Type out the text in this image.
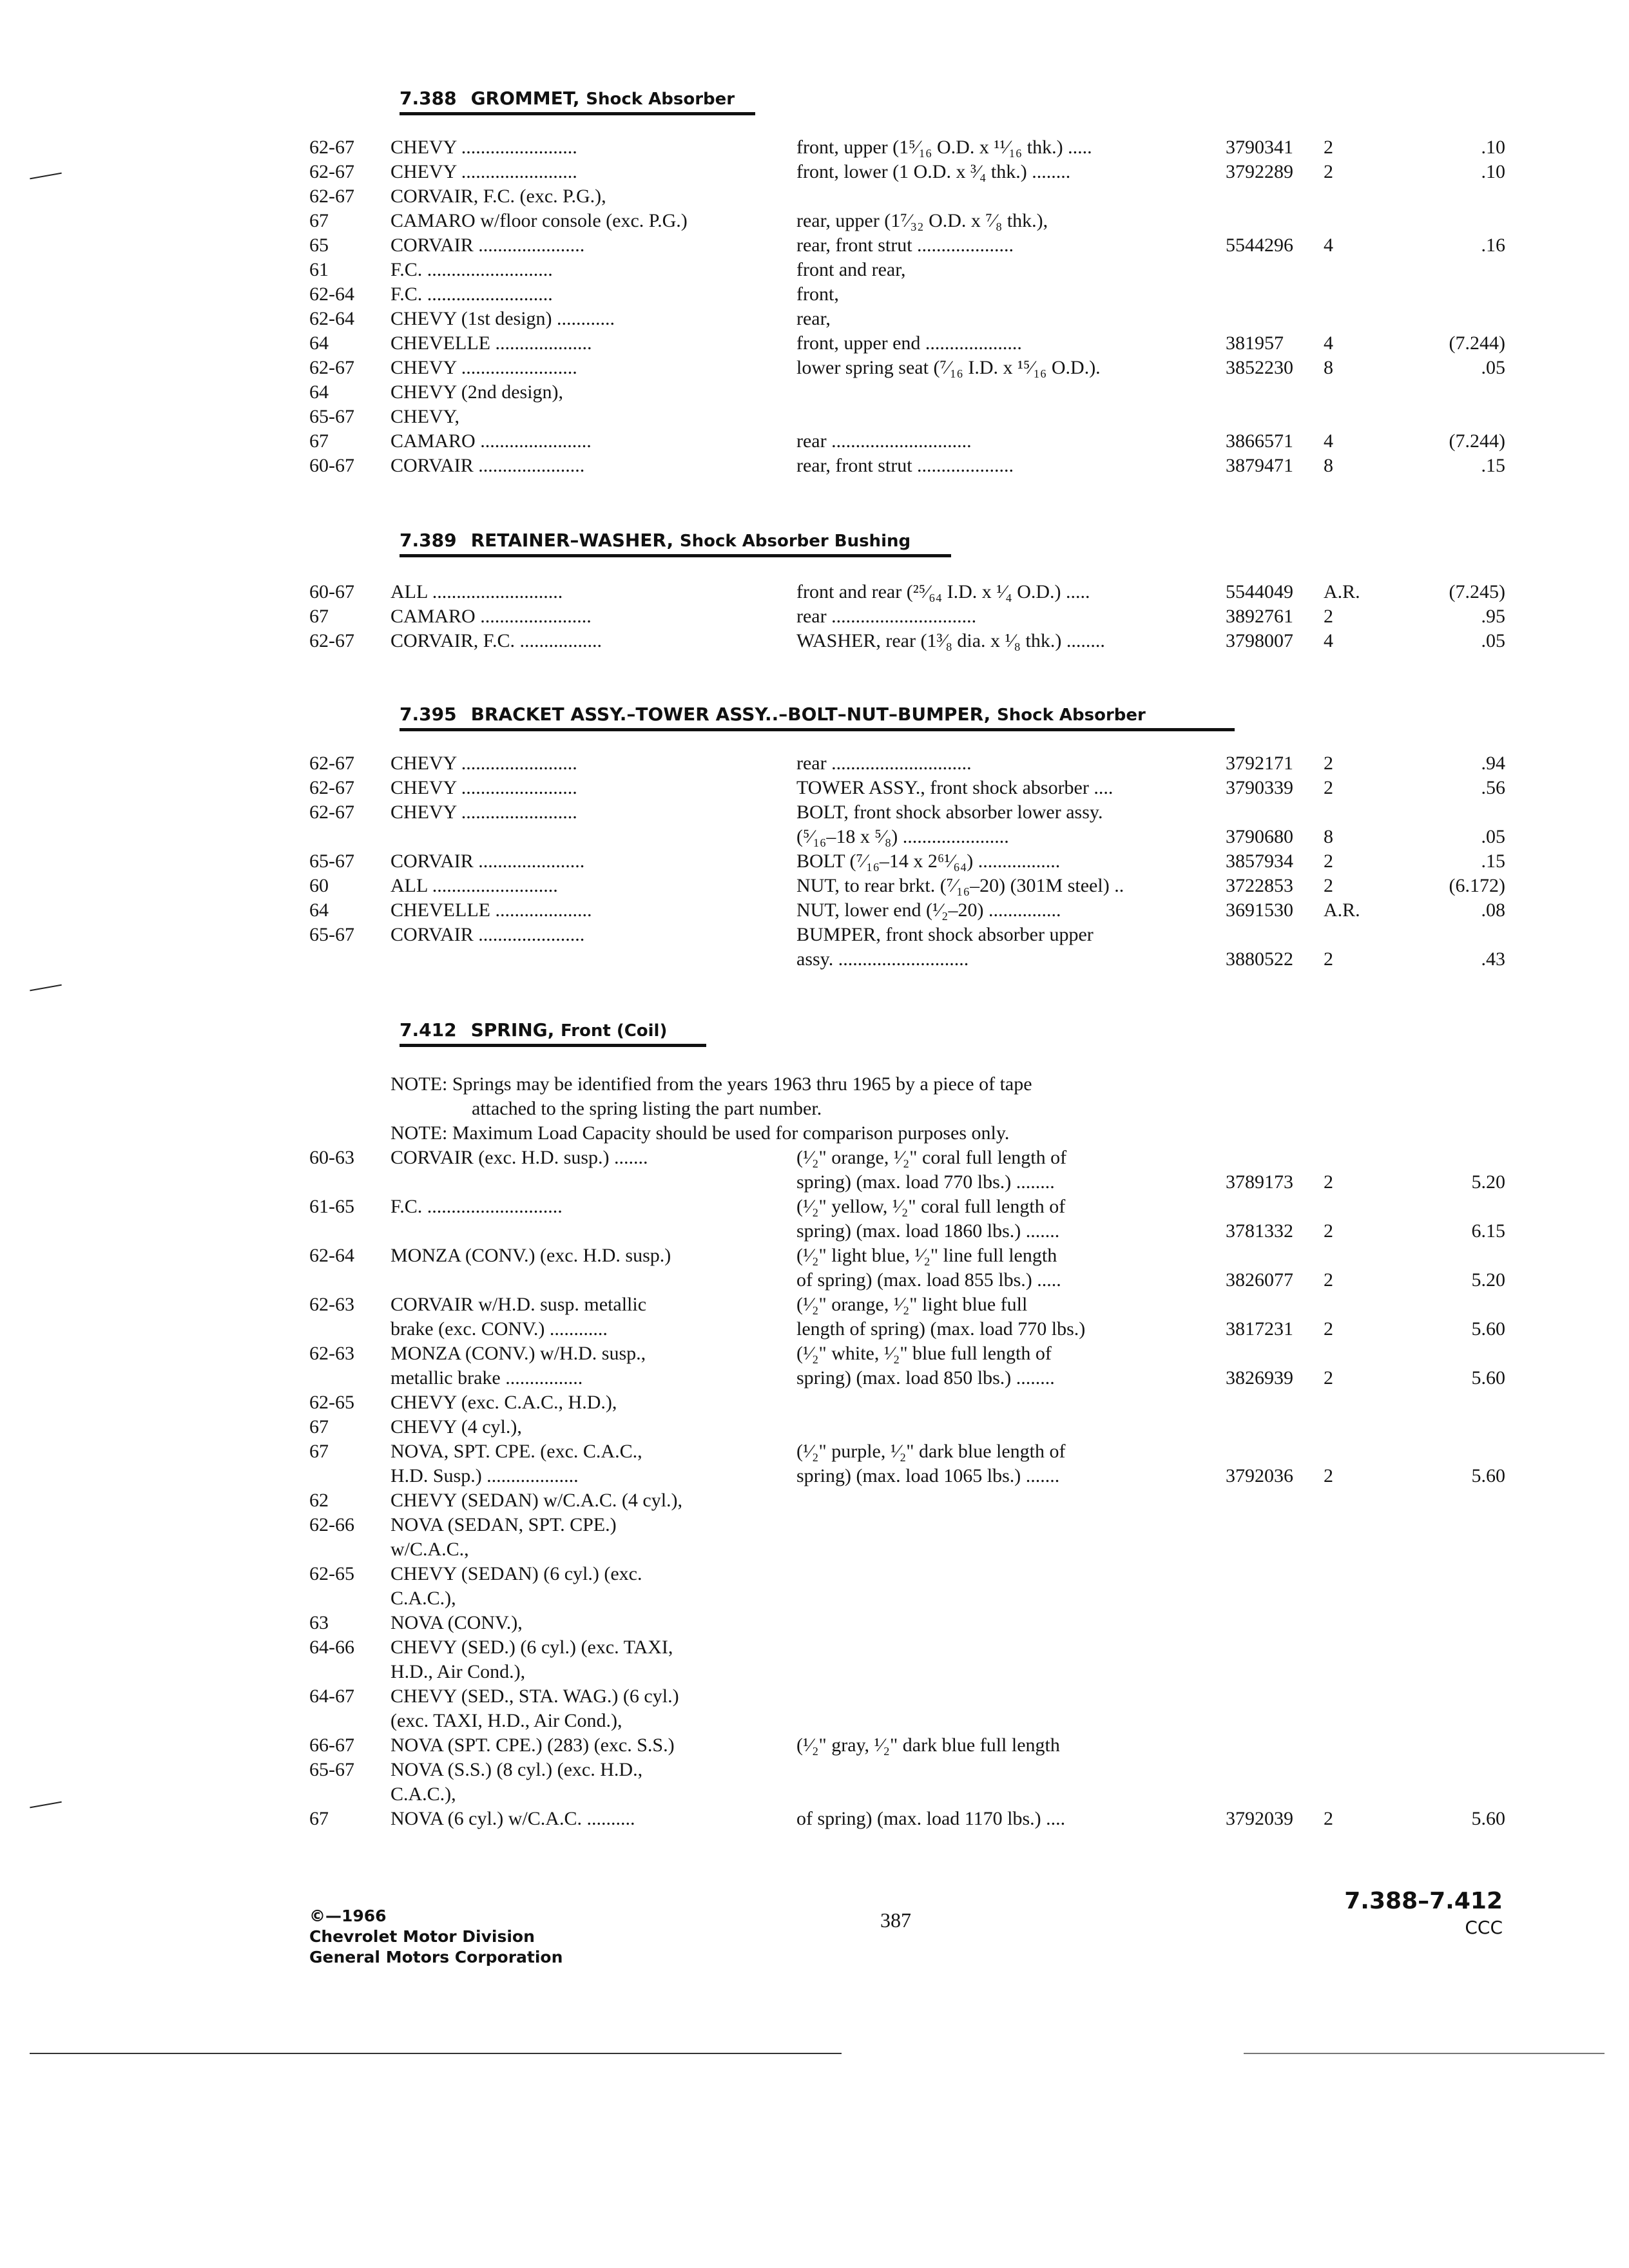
7.388 GROMMET, Shock Absorber
62-67 CHEVY ........................	front, upper (1⁵⁄₁₆ O.D. x ¹¹⁄₁₆ thk.) .....	3790341 2	.10
62-67 CHEVY ........................	front, lower (1 O.D. x ³⁄₄ thk.) ........	3792289 2	.10
62-67 CORVAIR, F.C. (exc. P.G.),
67	CAMARO w/floor console (exc. P.G.)	rear, upper (1⁷⁄₃₂ O.D. x ⁷⁄₈ thk.),
65	CORVAIR ......................	rear, front strut ....................	5544296 4	.16
61	F.C. ..........................	front and rear,
62-64 F.C. ..........................	front,
62-64 CHEVY (1st design) ............	rear,
64	CHEVELLE ....................	front, upper end ....................	381957 4	(7.244)
62-67 CHEVY ........................	lower spring seat (⁷⁄₁₆ I.D. x ¹⁵⁄₁₆ O.D.).	3852230 8	.05
64	CHEVY (2nd design),
65-67 CHEVY,
67	CAMARO .......................	rear .............................	3866571 4	(7.244)
60-67 CORVAIR ......................	rear, front strut ....................	3879471 8	.15
7.389 RETAINER–WASHER, Shock Absorber Bushing
60-67 ALL ...........................	front and rear (²⁵⁄₆₄ I.D. x ¹⁄₄ O.D.) .....	5544049 A.R.	(7.245)
67	CAMARO .......................	rear ..............................	3892761 2	.95
62-67 CORVAIR, F.C. .................	WASHER, rear (1³⁄₈ dia. x ¹⁄₈ thk.) ........	3798007 4	.05
7.395 BRACKET ASSY.–TOWER ASSY..–BOLT–NUT–BUMPER, Shock Absorber
62-67 CHEVY ........................	rear .............................	3792171 2	.94
62-67 CHEVY ........................	TOWER ASSY., front shock absorber ....	3790339 2	.56
62-67 CHEVY ........................	BOLT, front shock absorber lower assy.
(⁵⁄₁₆–18 x ⁵⁄₈) ......................	3790680 8	.05
65-67 CORVAIR ......................	BOLT (⁷⁄₁₆–14 x 2⁶¹⁄₆₄) .................	3857934 2	.15
60	ALL ..........................	NUT, to rear brkt. (⁷⁄₁₆–20) (301M steel) ..	3722853 2	(6.172)
64	CHEVELLE ....................	NUT, lower end (¹⁄₂–20) ...............	3691530 A.R.	.08
65-67 CORVAIR ......................	BUMPER, front shock absorber upper
assy. ...........................	3880522 2	.43
7.412 SPRING, Front (Coil)
NOTE: Springs may be identified from the years 1963 thru 1965 by a piece of tape
attached to the spring listing the part number.
NOTE: Maximum Load Capacity should be used for comparison purposes only.
60-63 CORVAIR (exc. H.D. susp.) .......	(¹⁄₂" orange, ¹⁄₂" coral full length of
spring) (max. load 770 lbs.) ........	3789173 2	5.20
61-65 F.C. ............................	(¹⁄₂" yellow, ¹⁄₂" coral full length of
spring) (max. load 1860 lbs.) .......	3781332 2	6.15
62-64 MONZA (CONV.) (exc. H.D. susp.)	(¹⁄₂" light blue, ¹⁄₂" line full length
of spring) (max. load 855 lbs.) .....	3826077 2	5.20
62-63 CORVAIR w/H.D. susp. metallic	(¹⁄₂" orange, ¹⁄₂" light blue full
brake (exc. CONV.) ............	length of spring) (max. load 770 lbs.)	3817231 2	5.60
62-63 MONZA (CONV.) w/H.D. susp.,	(¹⁄₂" white, ¹⁄₂" blue full length of
metallic brake ................	spring) (max. load 850 lbs.) ........	3826939 2	5.60
62-65 CHEVY (exc. C.A.C., H.D.),
67	CHEVY (4 cyl.),
67	NOVA, SPT. CPE. (exc. C.A.C.,	(¹⁄₂" purple, ¹⁄₂" dark blue length of
H.D. Susp.) ...................	spring) (max. load 1065 lbs.) .......	3792036 2	5.60
62	CHEVY (SEDAN) w/C.A.C. (4 cyl.),
62-66 NOVA (SEDAN, SPT. CPE.)
w/C.A.C.,
62-65 CHEVY (SEDAN) (6 cyl.) (exc.
C.A.C.),
63	NOVA (CONV.),
64-66 CHEVY (SED.) (6 cyl.) (exc. TAXI,
H.D., Air Cond.),
64-67 CHEVY (SED., STA. WAG.) (6 cyl.)
(exc. TAXI, H.D., Air Cond.),
66-67 NOVA (SPT. CPE.) (283) (exc. S.S.)	(¹⁄₂" gray, ¹⁄₂" dark blue full length
65-67 NOVA (S.S.) (8 cyl.) (exc. H.D.,
C.A.C.),
67	NOVA (6 cyl.) w/C.A.C. ..........	of spring) (max. load 1170 lbs.) ....	3792039 2	5.60
©—1966
Chevrolet Motor Division
General Motors Corporation
387
7.388–7.412
CCC
